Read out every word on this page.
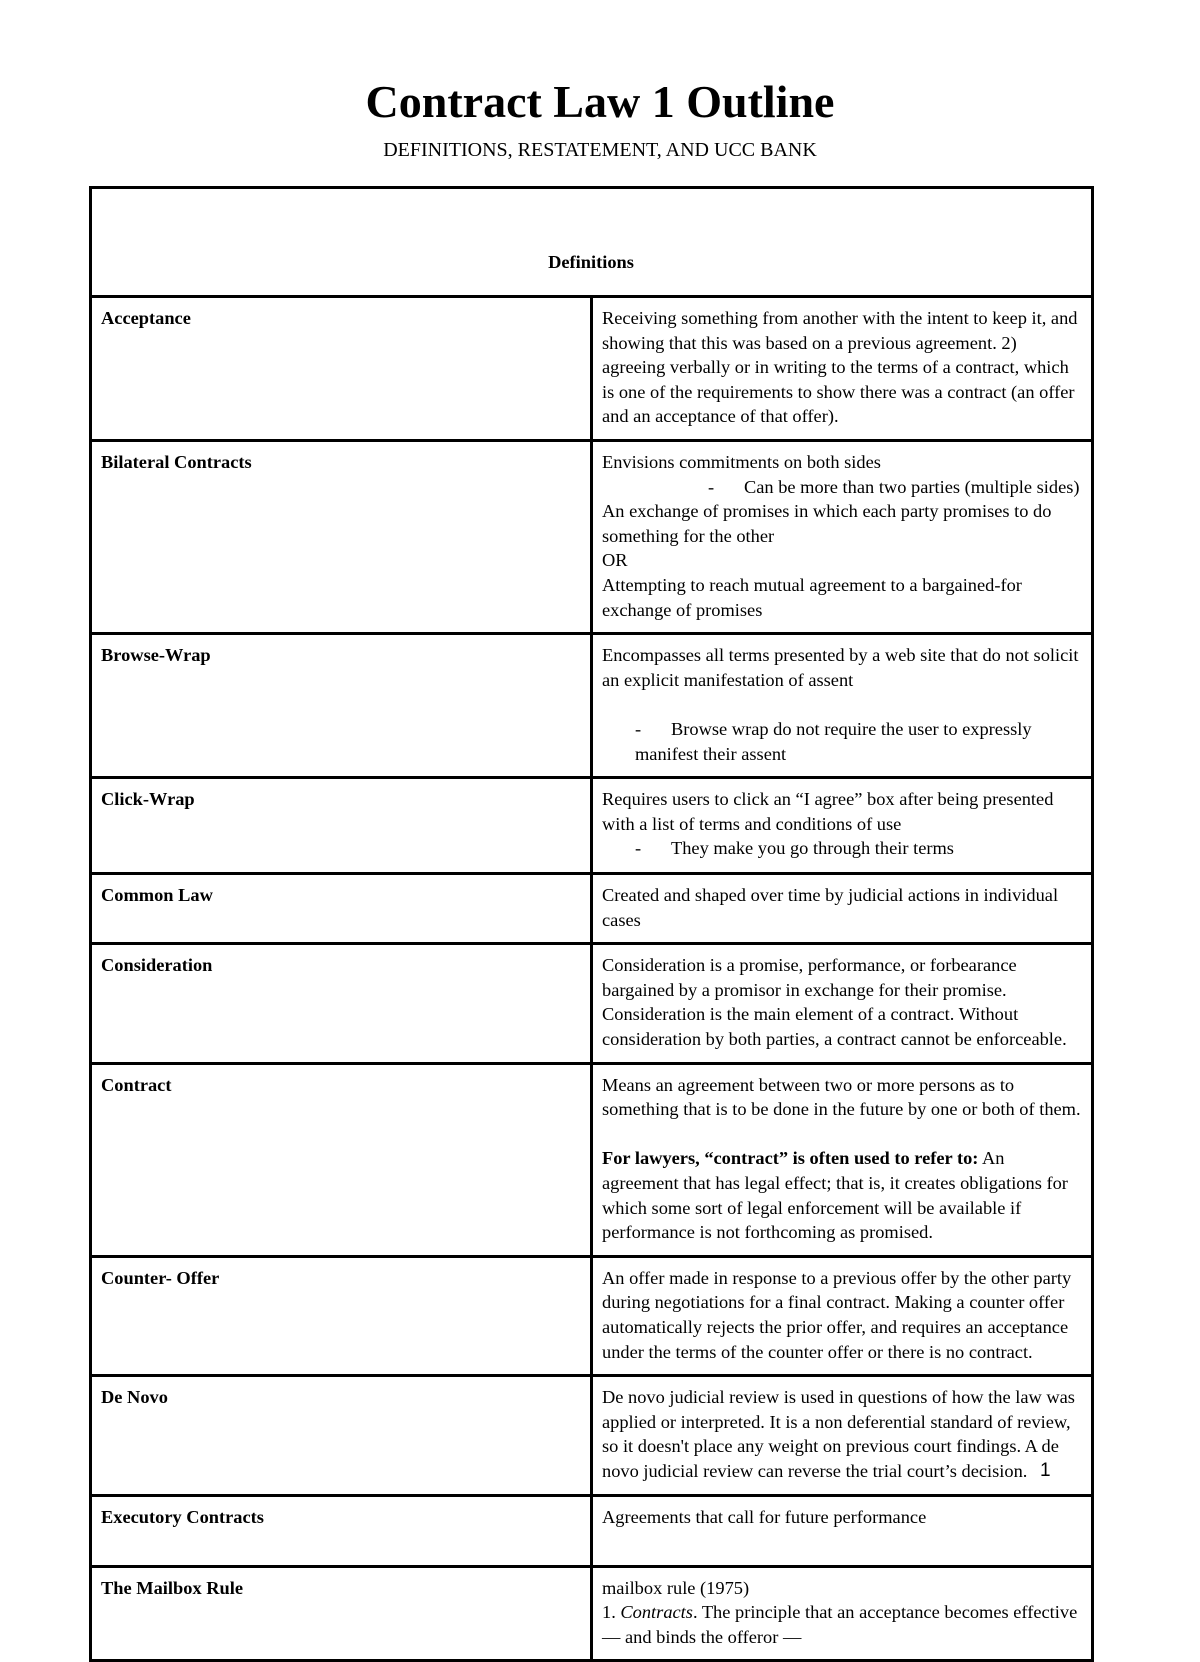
Contract Law 1 Outline
DEFINITIONS, RESTATEMENT, AND UCC BANK
Definitions	
Acceptance	Receiving something from another with the intent to keep it, and showing that this was based on a previous agreement. 2) agreeing verbally or in writing to the terms of a contract, which is one of the requirements to show there was a contract (an offer and an acceptance of that offer).

Bilateral Contracts	Envisions commitments on both sides
- Can be more than two parties (multiple sides)
An exchange of promises in which each party promises to do something for the other
OR
Attempting to reach mutual agreement to a bargained-for exchange of promises

Browse-Wrap	Encompasses all terms presented by a web site that do not solicit an explicit manifestation of assent
- Browse wrap do not require the user to expressly manifest their assent

Click-Wrap	Requires users to click an “I agree” box after being presented with a list of terms and conditions of use
- They make you go through their terms

Common Law	Created and shaped over time by judicial actions in individual cases

Consideration	Consideration is a promise, performance, or forbearance bargained by a promisor in exchange for their promise. Consideration is the main element of a contract. Without consideration by both parties, a contract cannot be enforceable.

Contract	Means an agreement between two or more persons as to something that is to be done in the future by one or both of them.
For lawyers, “contract” is often used to refer to: An agreement that has legal effect; that is, it creates obligations for which some sort of legal enforcement will be available if performance is not forthcoming as promised.

Counter- Offer	An offer made in response to a previous offer by the other party during negotiations for a final contract. Making a counter offer automatically rejects the prior offer, and requires an acceptance under the terms of the counter offer or there is no contract.

De Novo	De novo judicial review is used in questions of how the law was applied or interpreted. It is a non deferential standard of review, so it doesn't place any weight on previous court findings. A de novo judicial review can reverse the trial court’s decision.

Executory Contracts	Agreements that call for future performance

The Mailbox Rule	mailbox rule (1975)
1. Contracts. The principle that an acceptance becomes effective — and binds the offeror —
1
